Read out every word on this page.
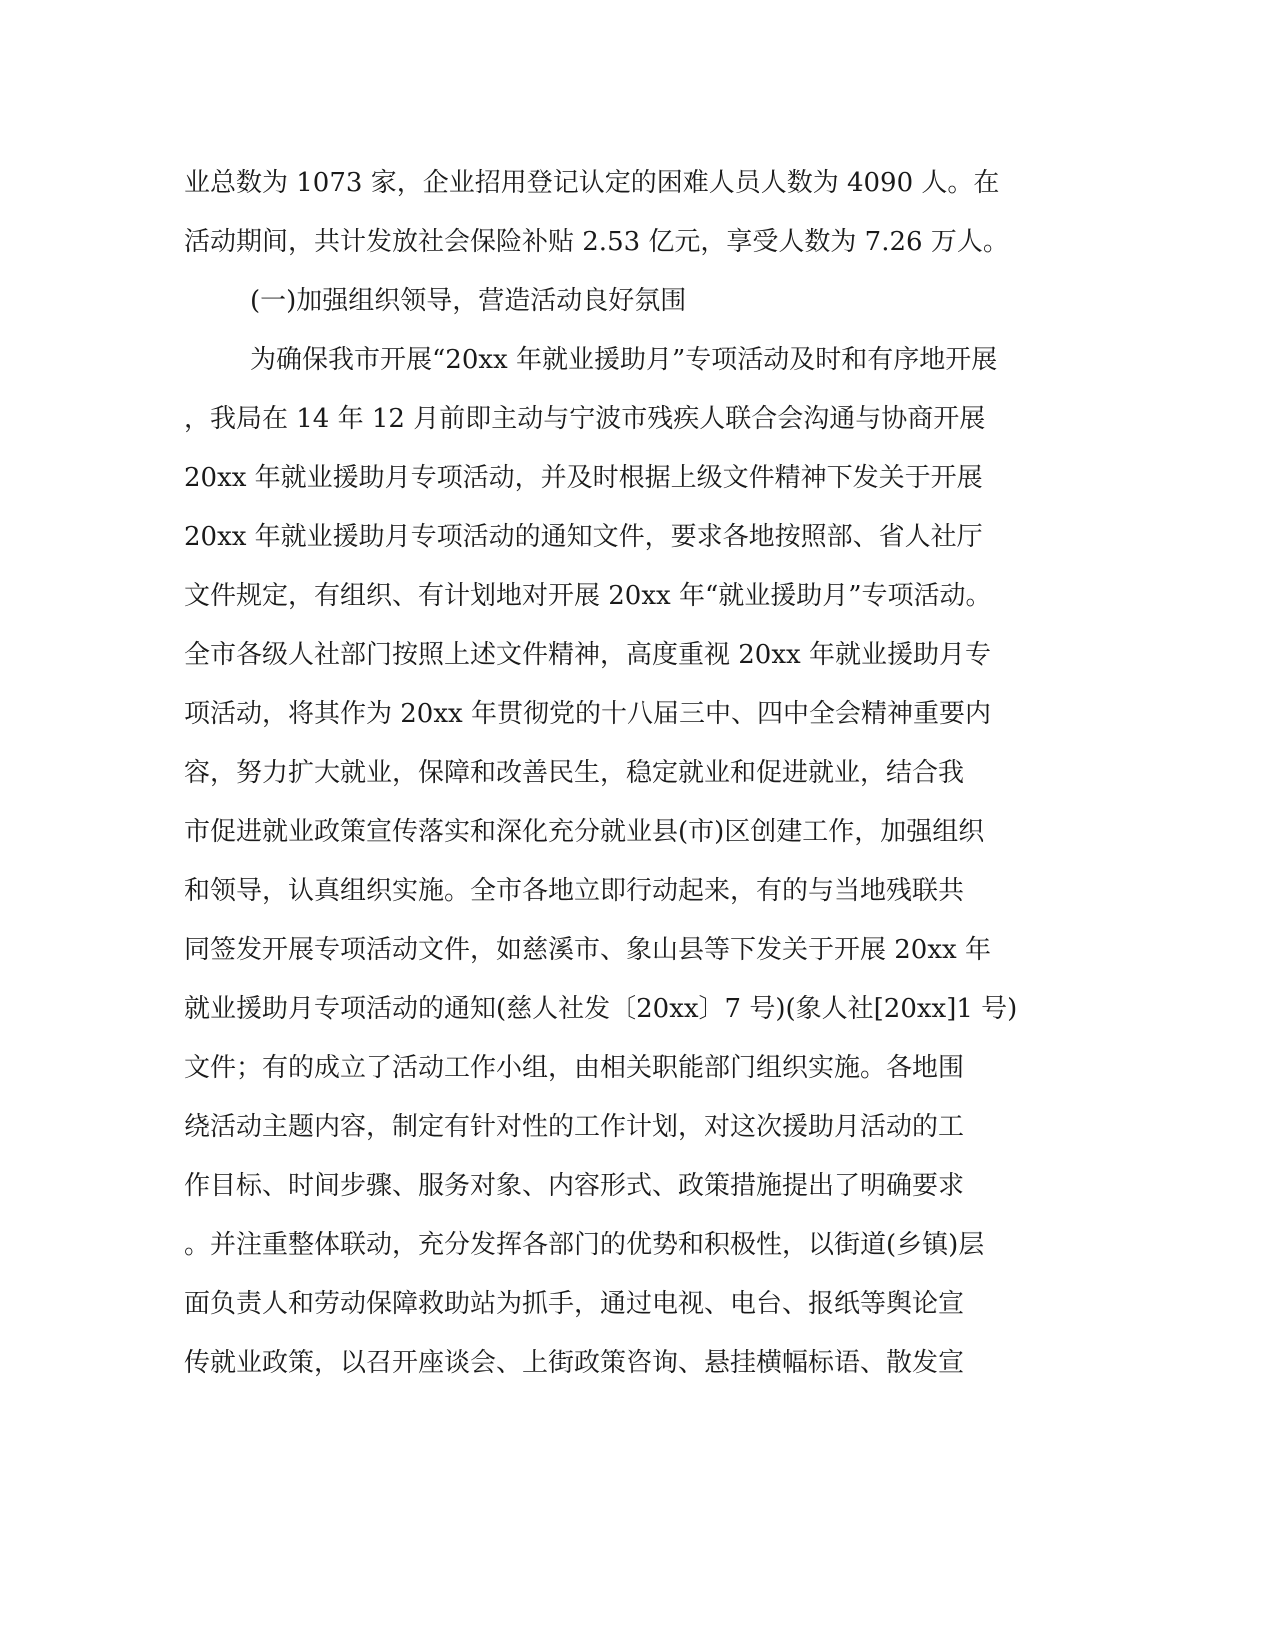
业总数为 1073 家，企业招用登记认定的困难人员人数为 4090 人。在
活动期间，共计发放社会保险补贴 2.53 亿元，享受人数为 7.26 万人。
(一)加强组织领导，营造活动良好氛围
为确保我市开展“20xx 年就业援助月”专项活动及时和有序地开展
，我局在 14 年 12 月前即主动与宁波市残疾人联合会沟通与协商开展
20xx 年就业援助月专项活动，并及时根据上级文件精神下发关于开展
20xx 年就业援助月专项活动的通知文件，要求各地按照部、省人社厅
文件规定，有组织、有计划地对开展 20xx 年“就业援助月”专项活动。
全市各级人社部门按照上述文件精神，高度重视 20xx 年就业援助月专
项活动，将其作为 20xx 年贯彻党的十八届三中、四中全会精神重要内
容，努力扩大就业，保障和改善民生，稳定就业和促进就业，结合我
市促进就业政策宣传落实和深化充分就业县(市)区创建工作，加强组织
和领导，认真组织实施。全市各地立即行动起来，有的与当地残联共
同签发开展专项活动文件，如慈溪市、象山县等下发关于开展 20xx 年
就业援助月专项活动的通知(慈人社发〔20xx〕7 号)(象人社[20xx]1 号)
文件；有的成立了活动工作小组，由相关职能部门组织实施。各地围
绕活动主题内容，制定有针对性的工作计划，对这次援助月活动的工
作目标、时间步骤、服务对象、内容形式、政策措施提出了明确要求
。并注重整体联动，充分发挥各部门的优势和积极性，以街道(乡镇)层
面负责人和劳动保障救助站为抓手，通过电视、电台、报纸等舆论宣
传就业政策，以召开座谈会、上街政策咨询、悬挂横幅标语、散发宣
